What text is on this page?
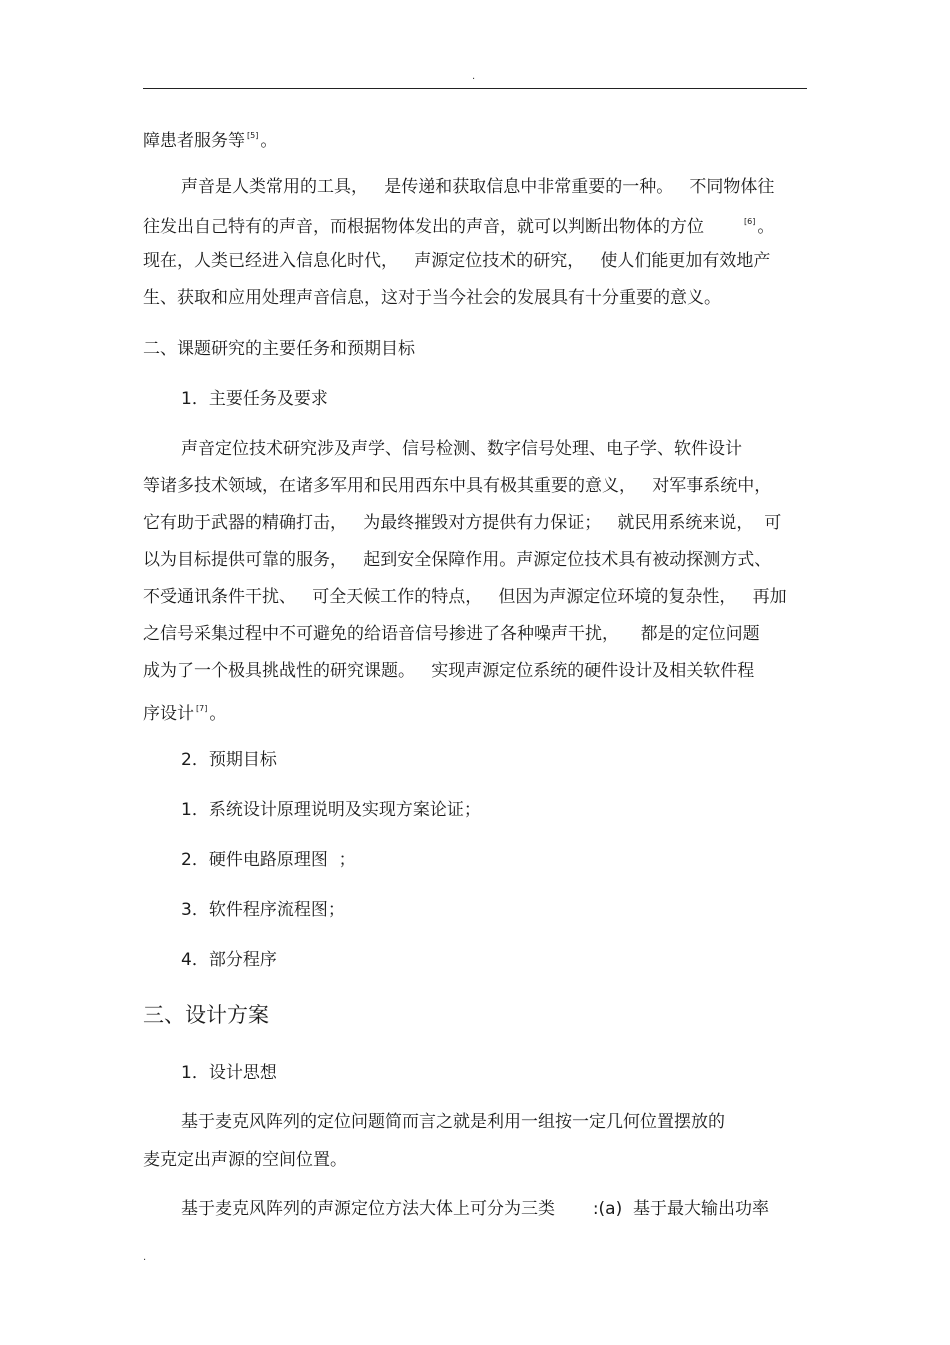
.
障患者服务等 [5] 。
声音是人类常用的工具，   是传递和获取信息中非常重要的一种。   不同物体往
往发出自己特有的声音，而根据物体发出的声音，就可以判断出物体的方位	[6] 。
现在，人类已经进入信息化时代，   声源定位技术的研究，   使人们能更加有效地产
生、获取和应用处理声音信息，这对于当今社会的发展具有十分重要的意义。
二、课题研究的主要任务和预期目标
1．主要任务及要求
声音定位技术研究涉及声学、信号检测、数字信号处理、电子学、软件设计
等诸多技术领域，在诸多军用和民用西东中具有极其重要的意义，   对军事系统中，
它有助于武器的精确打击，   为最终摧毁对方提供有力保证；   就民用系统来说，  可
以为目标提供可靠的服务，   起到安全保障作用。声源定位技术具有被动探测方式、
不受通讯条件干扰、   可全天候工作的特点，   但因为声源定位环境的复杂性，   再加
之信号采集过程中不可避免的给语音信号掺进了各种噪声干扰，    都是的定位问题
成为了一个极具挑战性的研究课题。   实现声源定位系统的硬件设计及相关软件程
序设计 [7] 。
2．预期目标
1．系统设计原理说明及实现方案论证；
2．硬件电路原理图  ；
3．软件程序流程图；
4．部分程序
三、设计方案
1．设计思想
基于麦克风阵列的定位问题简而言之就是利用一组按一定几何位置摆放的
麦克定出声源的空间位置。
基于麦克风阵列的声源定位方法大体上可分为三类       :(a)  基于最大输出功率
.
